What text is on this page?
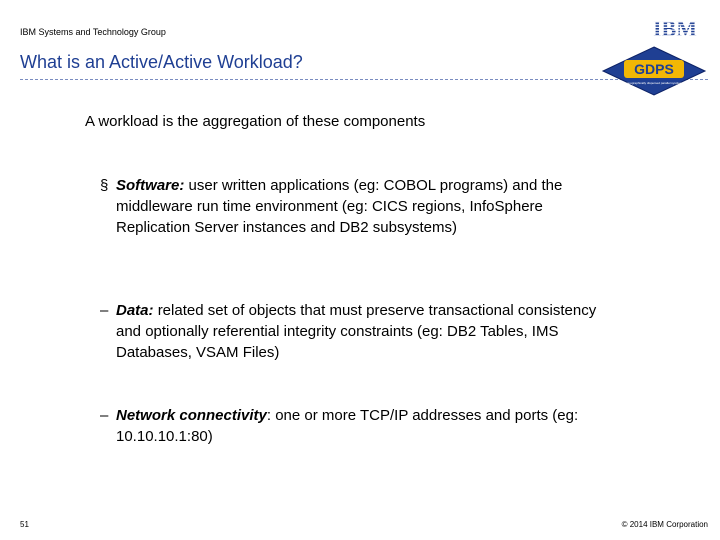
IBM Systems and Technology Group	IBM
What is an Active/Active Workload?	GDPS
geographically dispersed parallel sysplex
A workload is the aggregation of these components
§ Software: user written applications (eg: COBOL programs) and the middleware run time environment (eg: CICS regions, InfoSphere Replication Server instances and DB2 subsystems)
– Data: related set of objects that must preserve transactional consistency and optionally referential integrity constraints (eg: DB2 Tables, IMS Databases, VSAM Files)
– Network connectivity: one or more TCP/IP addresses and ports (eg: 10.10.10.1:80)
51	© 2014 IBM Corporation
